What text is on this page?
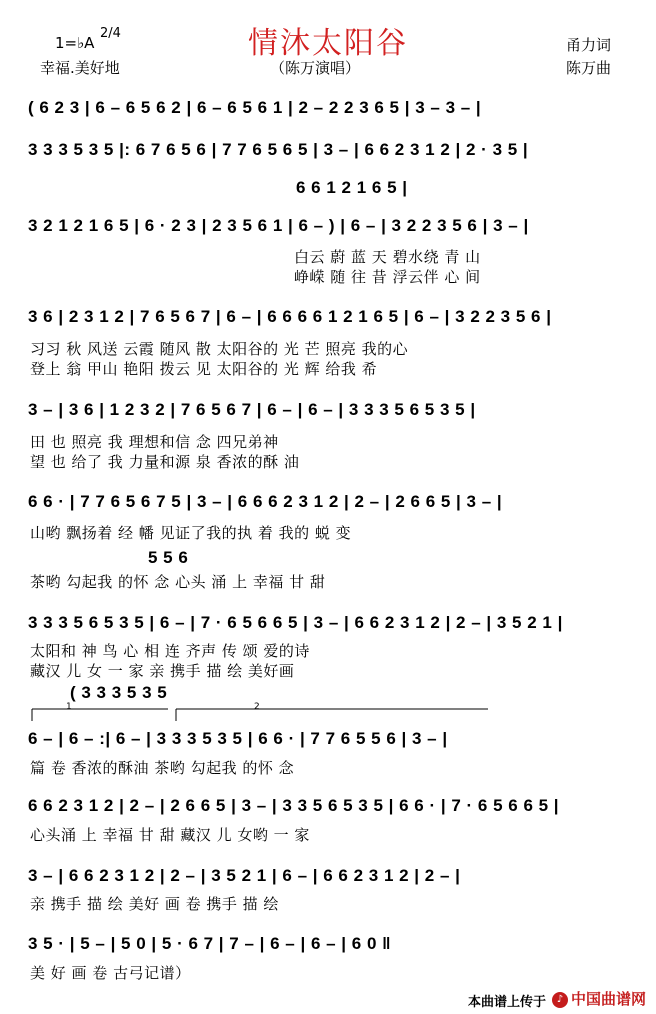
情沐太阳谷
1=♭A
2/4
幸福.美好地	（陈万演唱）
甬力词
陈万曲
( 6 2 3 | 6 – 6 5 6 2 | 6 – 6 5 6 1 | 2 – 2 2 3 6 5 | 3 – 3 – |
3 3 3 5 3 5 |: 6 7 6 5 6 | 7 7 6 5 6 5 | 3 – | 6 6 2 3 1 2 | 2 · 3 5 |
6 6 1 2 1 6 5 |
3 2 1 2 1 6 5 | 6 · 2 3 | 2 3 5 6 1 | 6 – ) | 6 – | 3 2 2 3 5 6 | 3 – |
白云 蔚 蓝 天 碧水绕 青 山
峥嵘 随 往 昔 浮云伴 心 间
3 6 | 2 3 1 2 | 7 6 5 6 7 | 6 – | 6 6 6 6 1 2 1 6 5 | 6 – | 3 2 2 3 5 6 |
习习 秋 风送 云霞 随风 散 太阳谷的 光 芒 照亮 我的心
登上 翁 甲山 艳阳 拨云 见 太阳谷的 光 辉 给我 希
3 – | 3 6 | 1 2 3 2 | 7 6 5 6 7 | 6 – | 6 – | 3 3 3 5 6 5 3 5 |
田 也 照亮 我 理想和信 念 四兄弟神
望 也 给了 我 力量和源 泉 香浓的酥 油
6 6 · | 7 7 6 5 6 7 5 | 3 – | 6 6 6 2 3 1 2 | 2 – | 2 6 6 5 | 3 – |
山哟 飘扬着 经 幡 见证了我的执 着 我的 蜕 变
5 5 6
茶哟 勾起我 的怀 念 心头 涌 上 幸福 甘 甜
3 3 3 5 6 5 3 5 | 6 – | 7 · 6 5 6 6 5 | 3 – | 6 6 2 3 1 2 | 2 – | 3 5 2 1 |
太阳和 神 鸟 心 相 连 齐声 传 颂 爱的诗
藏汉 儿 女 一 家 亲 携手 描 绘 美好画
( 3 3 3 5 3 5
1	2
6 – | 6 – :| 6 – | 3 3 3 5 3 5 | 6 6 · | 7 7 6 5 5 6 | 3 – |
篇 卷 香浓的酥油 茶哟 勾起我 的怀 念
6 6 2 3 1 2 | 2 – | 2 6 6 5 | 3 – | 3 3 5 6 5 3 5 | 6 6 · | 7 · 6 5 6 6 5 |
心头涌 上 幸福 甘 甜 藏汉 儿 女哟 一 家
3 – | 6 6 2 3 1 2 | 2 – | 3 5 2 1 | 6 – | 6 6 2 3 1 2 | 2 – |
亲 携手 描 绘 美好 画 卷 携手 描 绘
3 5 · | 5 – | 5 0 | 5 · 6 7 | 7 – | 6 – | 6 – | 6 0 ‖
美 好 画 卷 古弓记谱）
本曲谱上传于	♪ 中国曲谱网
